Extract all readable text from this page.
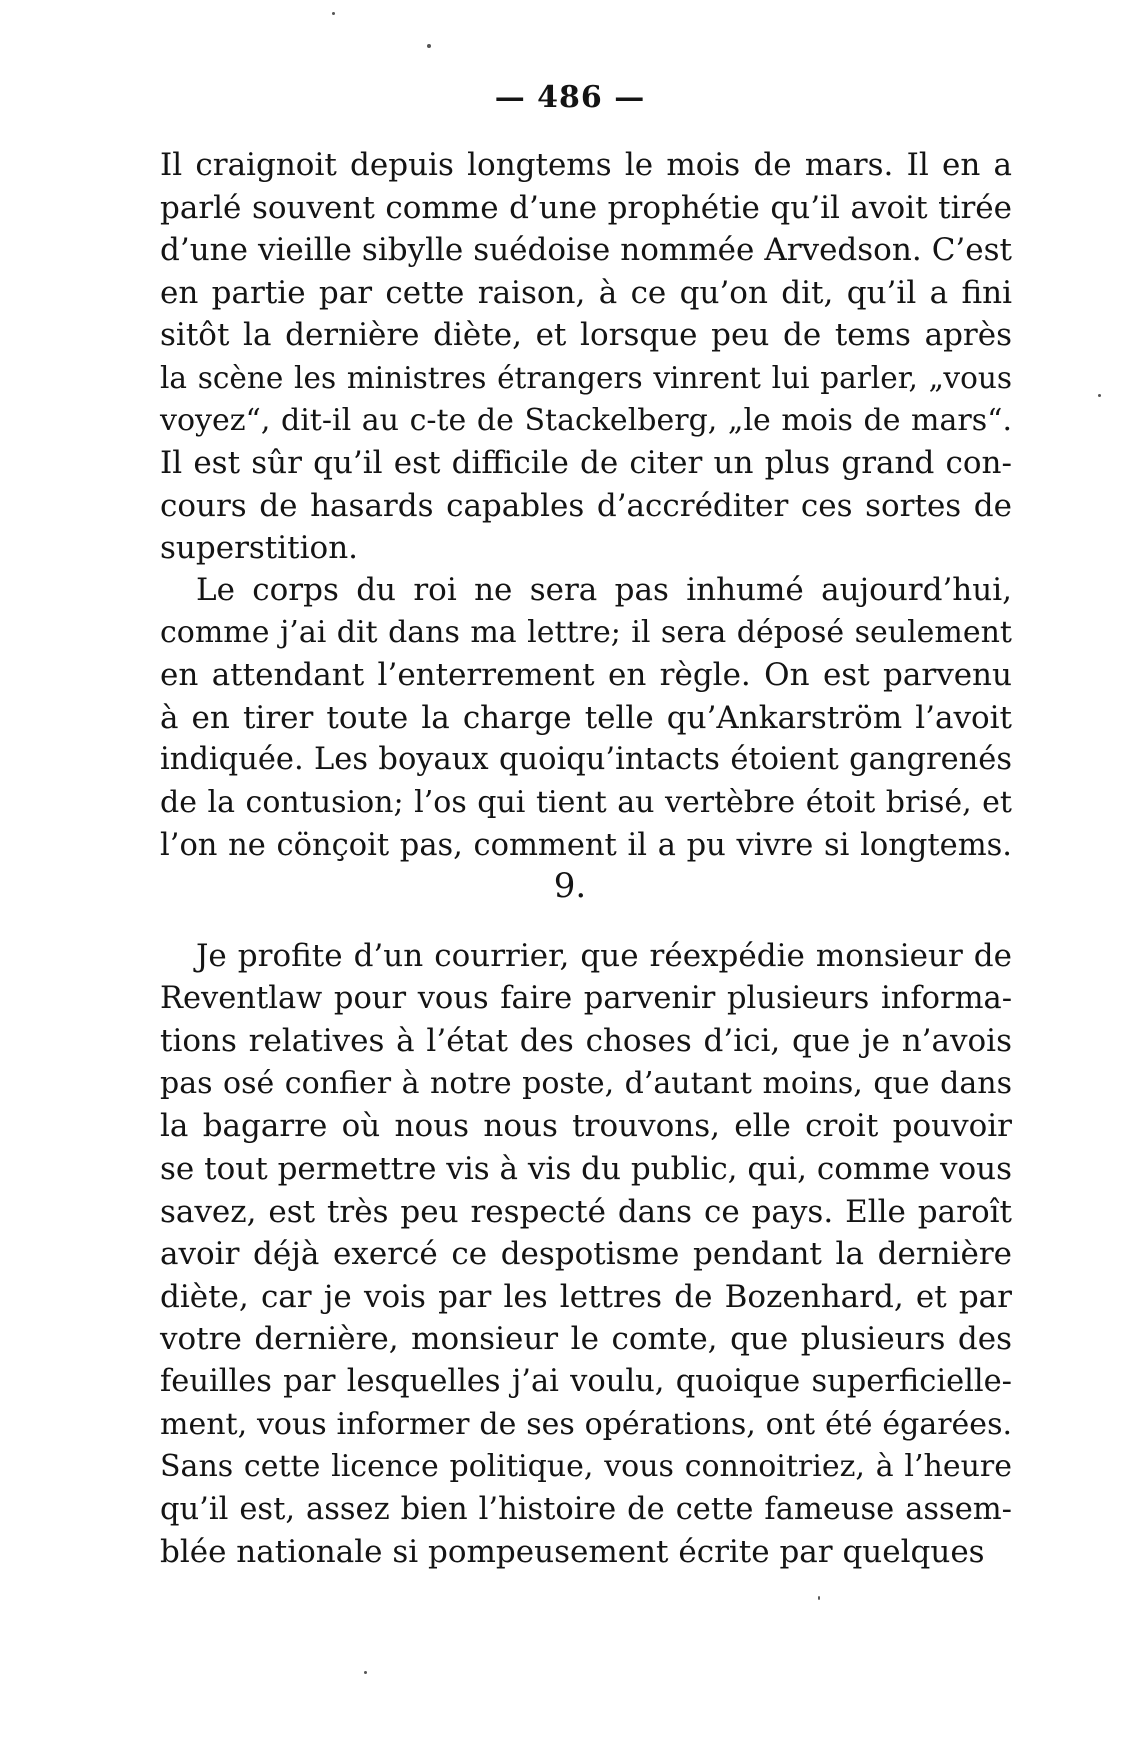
— 486 —
Il craignoit depuis longtems le mois de mars. Il en a
parlé souvent comme d’une prophétie qu’il avoit tirée
d’une vieille sibylle suédoise nommée Arvedson. C’est
en partie par cette raison, à ce qu’on dit, qu’il a fini
sitôt la dernière diète, et lorsque peu de tems après
la scène les ministres étrangers vinrent lui parler, „vous
voyez“, dit-il au c-te de Stackelberg, „le mois de mars“.
Il est sûr qu’il est difficile de citer un plus grand con-
cours de hasards capables d’accréditer ces sortes de
superstition.
Le corps du roi ne sera pas inhumé aujourd’hui,
comme j’ai dit dans ma lettre; il sera déposé seulement
en attendant l’enterrement en règle. On est parvenu
à en tirer toute la charge telle qu’Ankarström l’avoit
indiquée. Les boyaux quoiqu’intacts étoient gangrenés
de la contusion; l’os qui tient au vertèbre étoit brisé, et
l’on ne cönçoit pas, comment il a pu vivre si longtems.
9.
Je profite d’un courrier, que réexpédie monsieur de
Reventlaw pour vous faire parvenir plusieurs informa-
tions relatives à l’état des choses d’ici, que je n’avois
pas osé confier à notre poste, d’autant moins, que dans
la bagarre où nous nous trouvons, elle croit pouvoir
se tout permettre vis à vis du public, qui, comme vous
savez, est très peu respecté dans ce pays. Elle paroît
avoir déjà exercé ce despotisme pendant la dernière
diète, car je vois par les lettres de Bozenhard, et par
votre dernière, monsieur le comte, que plusieurs des
feuilles par lesquelles j’ai voulu, quoique superficielle-
ment, vous informer de ses opérations, ont été égarées.
Sans cette licence politique, vous connoitriez, à l’heure
qu’il est, assez bien l’histoire de cette fameuse assem-
blée nationale si pompeusement écrite par quelques
